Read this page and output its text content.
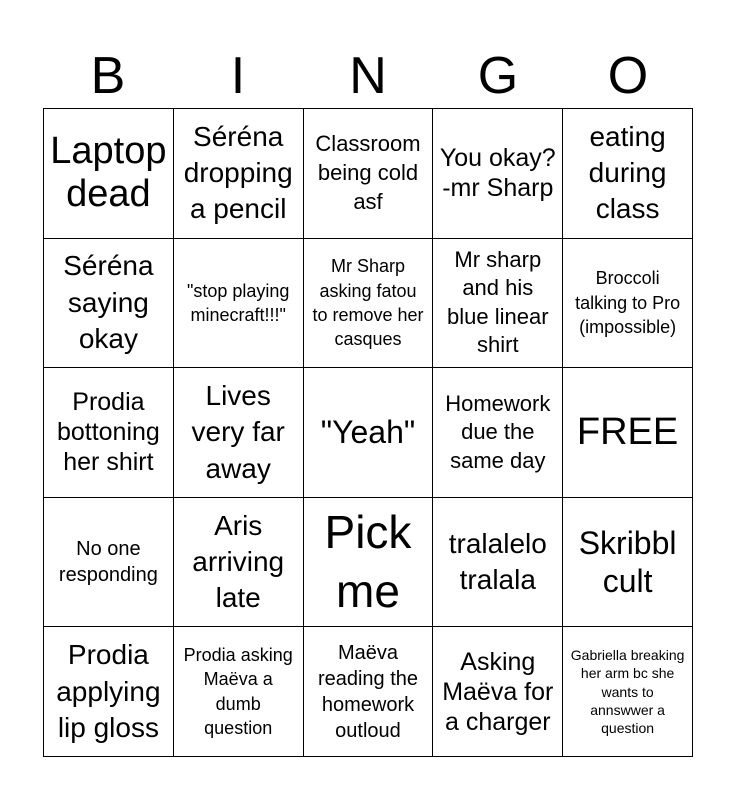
B	I	N	G	O
Laptop dead
Séréna dropping a pencil
Classroom being cold asf
You okay? -mr Sharp
eating during class
Séréna saying okay
"stop playing minecraft!!!"
Mr Sharp asking fatou to remove her casques
Mr sharp and his blue linear shirt
Broccoli talking to Pro (impossible)
Prodia bottoning her shirt
Lives very far away
"Yeah"
Homework due the same day
FREE
No one responding
Aris arriving late
Pick me
tralalelo tralala
Skribbl cult
Prodia applying lip gloss
Prodia asking Maëva a dumb question
Maëva reading the homework outloud
Asking Maëva for a charger
Gabriella breaking her arm bc she wants to annswwer a question
